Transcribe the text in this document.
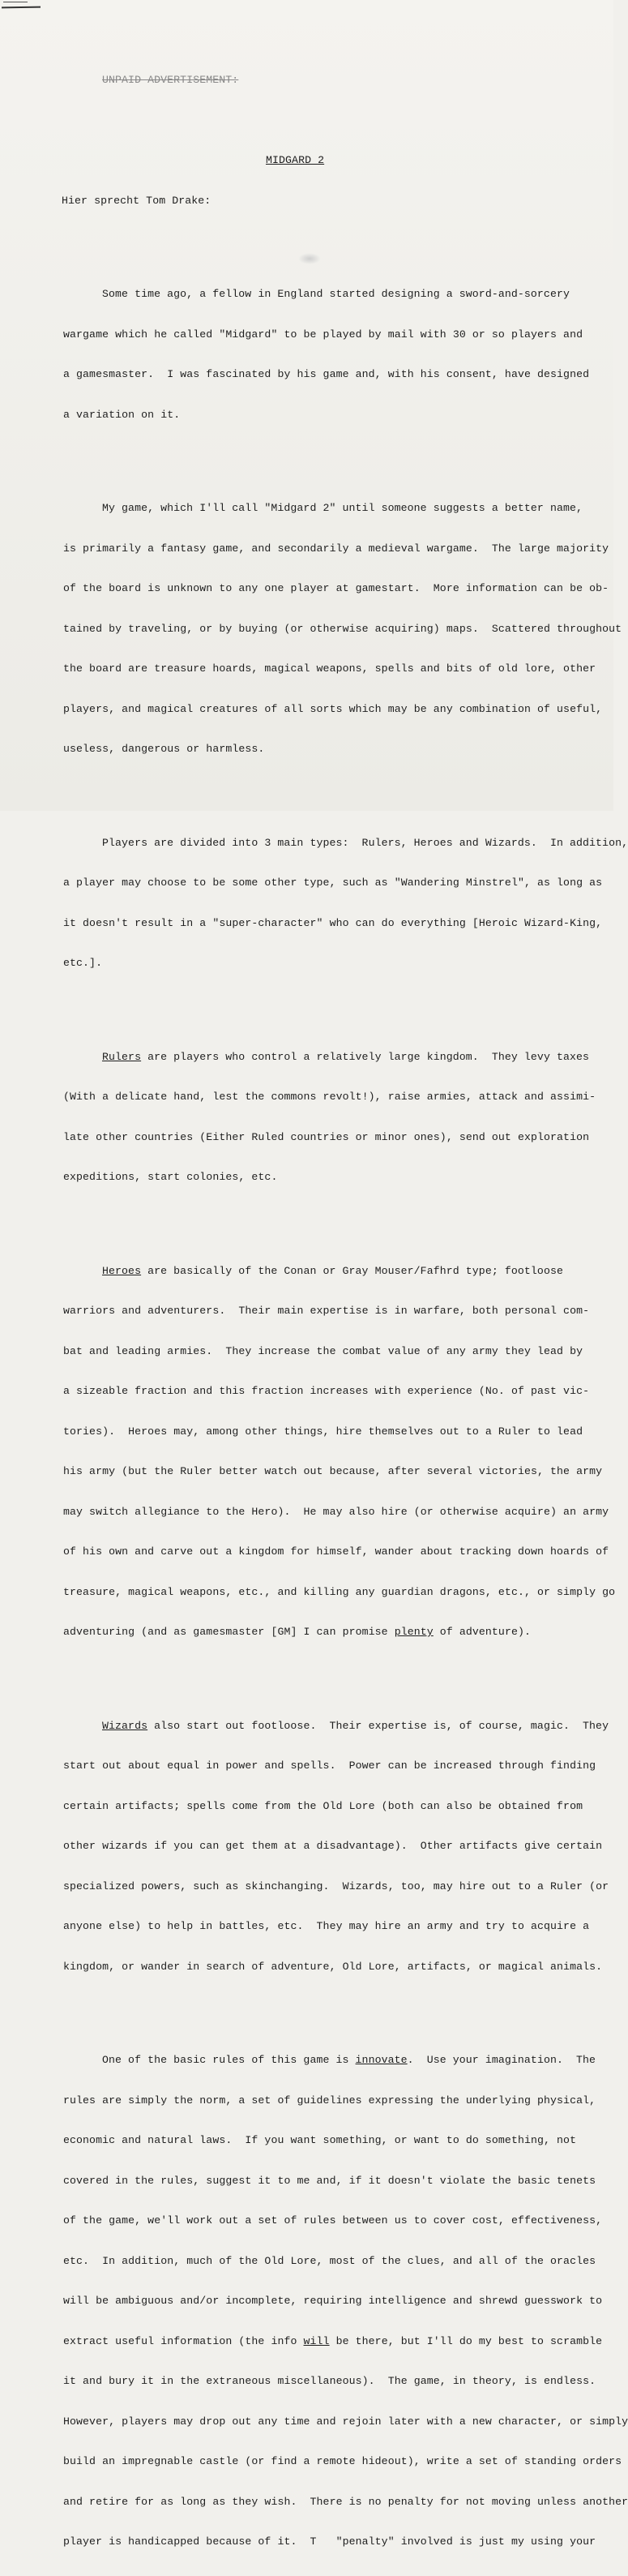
UNPAID ADVERTISEMENT:

MIDGARD 2

Hier sprecht Tom Drake:

Some time ago, a fellow in England started designing a sword-and-sorcery

wargame which he called "Midgard" to be played by mail with 30 or so players and

a gamesmaster.  I was fascinated by his game and, with his consent, have designed

a variation on it.

My game, which I'll call "Midgard 2" until someone suggests a better name,

is primarily a fantasy game, and secondarily a medieval wargame.  The large majority

of the board is unknown to any one player at gamestart.  More information can be ob-

tained by traveling, or by buying (or otherwise acquiring) maps.  Scattered throughout

the board are treasure hoards, magical weapons, spells and bits of old lore, other

players, and magical creatures of all sorts which may be any combination of useful,

useless, dangerous or harmless.

Players are divided into 3 main types:  Rulers, Heroes and Wizards.  In addition,

a player may choose to be some other type, such as "Wandering Minstrel", as long as

it doesn't result in a "super-character" who can do everything [Heroic Wizard-King,

etc.].

Rulers are players who control a relatively large kingdom.  They levy taxes

(With a delicate hand, lest the commons revolt!), raise armies, attack and assimi-

late other countries (Either Ruled countries or minor ones), send out exploration

expeditions, start colonies, etc.

Heroes are basically of the Conan or Gray Mouser/Fafhrd type; footloose

warriors and adventurers.  Their main expertise is in warfare, both personal com-

bat and leading armies.  They increase the combat value of any army they lead by

a sizeable fraction and this fraction increases with experience (No. of past vic-

tories).  Heroes may, among other things, hire themselves out to a Ruler to lead

his army (but the Ruler better watch out because, after several victories, the army

may switch allegiance to the Hero).  He may also hire (or otherwise acquire) an army

of his own and carve out a kingdom for himself, wander about tracking down hoards of

treasure, magical weapons, etc., and killing any guardian dragons, etc., or simply go

adventuring (and as gamesmaster [GM] I can promise plenty of adventure).

Wizards also start out footloose.  Their expertise is, of course, magic.  They

start out about equal in power and spells.  Power can be increased through finding

certain artifacts; spells come from the Old Lore (both can also be obtained from

other wizards if you can get them at a disadvantage).  Other artifacts give certain

specialized powers, such as skinchanging.  Wizards, too, may hire out to a Ruler (or

anyone else) to help in battles, etc.  They may hire an army and try to acquire a

kingdom, or wander in search of adventure, Old Lore, artifacts, or magical animals.

One of the basic rules of this game is innovate.  Use your imagination.  The

rules are simply the norm, a set of guidelines expressing the underlying physical,

economic and natural laws.  If you want something, or want to do something, not

covered in the rules, suggest it to me and, if it doesn't violate the basic tenets

of the game, we'll work out a set of rules between us to cover cost, effectiveness,

etc.  In addition, much of the Old Lore, most of the clues, and all of the oracles

will be ambiguous and/or incomplete, requiring intelligence and shrewd guesswork to

extract useful information (the info will be there, but I'll do my best to scramble

it and bury it in the extraneous miscellaneous).  The game, in theory, is endless.

However, players may drop out any time and rejoin later with a new character, or simply

build an impregnable castle (or find a remote hideout), write a set of standing orders

and retire for as long as they wish.  There is no penalty for not moving unless another

player is handicapped because of it.  T   "penalty" involved is just my using your
